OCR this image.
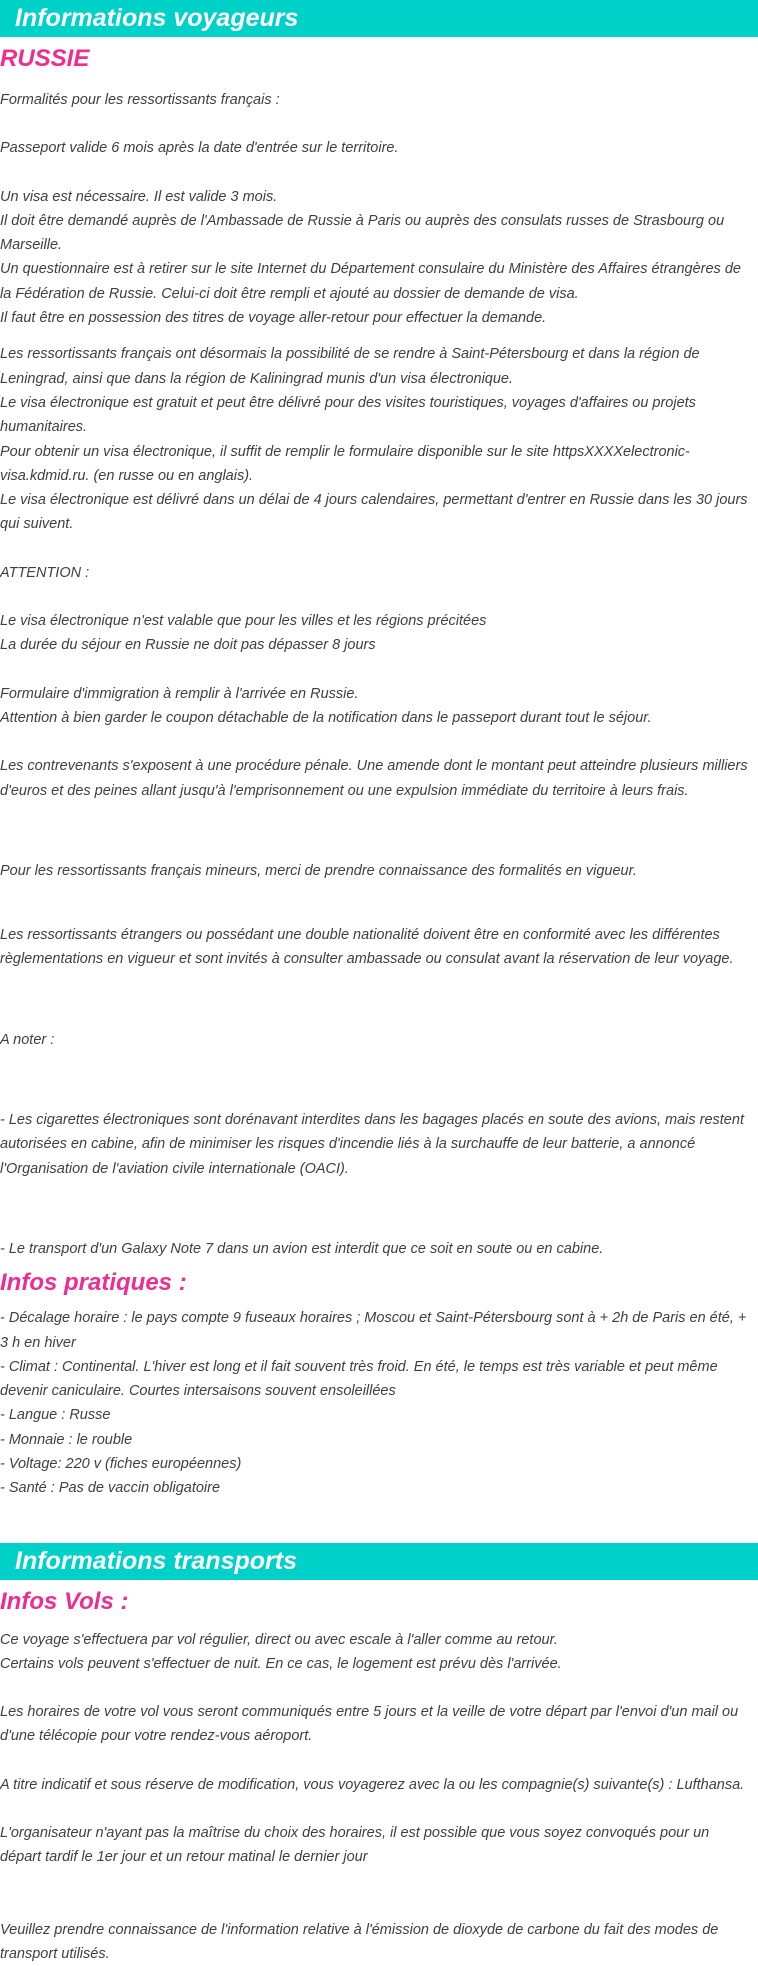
Informations voyageurs
RUSSIE

Formalités pour les ressortissants français :

Passeport valide 6 mois après la date d'entrée sur le territoire.

Un visa est nécessaire. Il est valide 3 mois.
Il doit être demandé auprès de l'Ambassade de Russie à Paris ou auprès des consulats russes de Strasbourg ou Marseille.
Un questionnaire est à retirer sur le site Internet du Département consulaire du Ministère des Affaires étrangères de la Fédération de Russie. Celui-ci doit être rempli et ajouté au dossier de demande de visa.
Il faut être en possession des titres de voyage aller-retour pour effectuer la demande.

Les ressortissants français ont désormais la possibilité de se rendre à Saint-Pétersbourg et dans la région de Leningrad, ainsi que dans la région de Kaliningrad munis d'un visa électronique.
Le visa électronique est gratuit et peut être délivré pour des visites touristiques, voyages d'affaires ou projets humanitaires.
Pour obtenir un visa électronique, il suffit de remplir le formulaire disponible sur le site httpsXXXXelectronic-visa.kdmid.ru. (en russe ou en anglais).
Le visa électronique est délivré dans un délai de 4 jours calendaires, permettant d'entrer en Russie dans les 30 jours qui suivent.

ATTENTION :

Le visa électronique n'est valable que pour les villes et les régions précitées
La durée du séjour en Russie ne doit pas dépasser 8 jours

Formulaire d'immigration à remplir à l'arrivée en Russie.
Attention à bien garder le coupon détachable de la notification dans le passeport durant tout le séjour.

Les contrevenants s'exposent à une procédure pénale. Une amende dont le montant peut atteindre plusieurs milliers d'euros et des peines allant jusqu'à l'emprisonnement ou une expulsion immédiate du territoire à leurs frais.

Pour les ressortissants français mineurs, merci de prendre connaissance des formalités en vigueur.

Les ressortissants étrangers ou possédant une double nationalité doivent être en conformité avec les différentes règlementations en vigueur et sont invités à consulter ambassade ou consulat avant la réservation de leur voyage.

A noter :

- Les cigarettes électroniques sont dorénavant interdites dans les bagages placés en soute des avions, mais restent autorisées en cabine, afin de minimiser les risques d'incendie liés à la surchauffe de leur batterie, a annoncé l'Organisation de l'aviation civile internationale (OACI).

- Le transport d'un Galaxy Note 7 dans un avion est interdit que ce soit en soute ou en cabine.

Infos pratiques :

- Décalage horaire : le pays compte 9 fuseaux horaires ; Moscou et Saint-Pétersbourg sont à + 2h de Paris en été, + 3 h en hiver
- Climat : Continental. L'hiver est long et il fait souvent très froid. En été, le temps est très variable et peut même devenir caniculaire. Courtes intersaisons souvent ensoleillées
- Langue : Russe
- Monnaie : le rouble
- Voltage: 220 v (fiches européennes)
- Santé : Pas de vaccin obligatoire

Informations transports
Infos Vols :

Ce voyage s'effectuera par vol régulier, direct ou avec escale à l'aller comme au retour.
Certains vols peuvent s'effectuer de nuit. En ce cas, le logement est prévu dès l'arrivée.

Les horaires de votre vol vous seront communiqués entre 5 jours et la veille de votre départ par l'envoi d'un mail ou d'une télécopie pour votre rendez-vous aéroport.

A titre indicatif et sous réserve de modification, vous voyagerez avec la ou les compagnie(s) suivante(s) : Lufthansa.

L'organisateur n'ayant pas la maîtrise du choix des horaires, il est possible que vous soyez convoqués pour un départ tardif le 1er jour et un retour matinal le dernier jour

Veuillez prendre connaissance de l'information relative à l'émission de dioxyde de carbone du fait des modes de transport utilisés.
